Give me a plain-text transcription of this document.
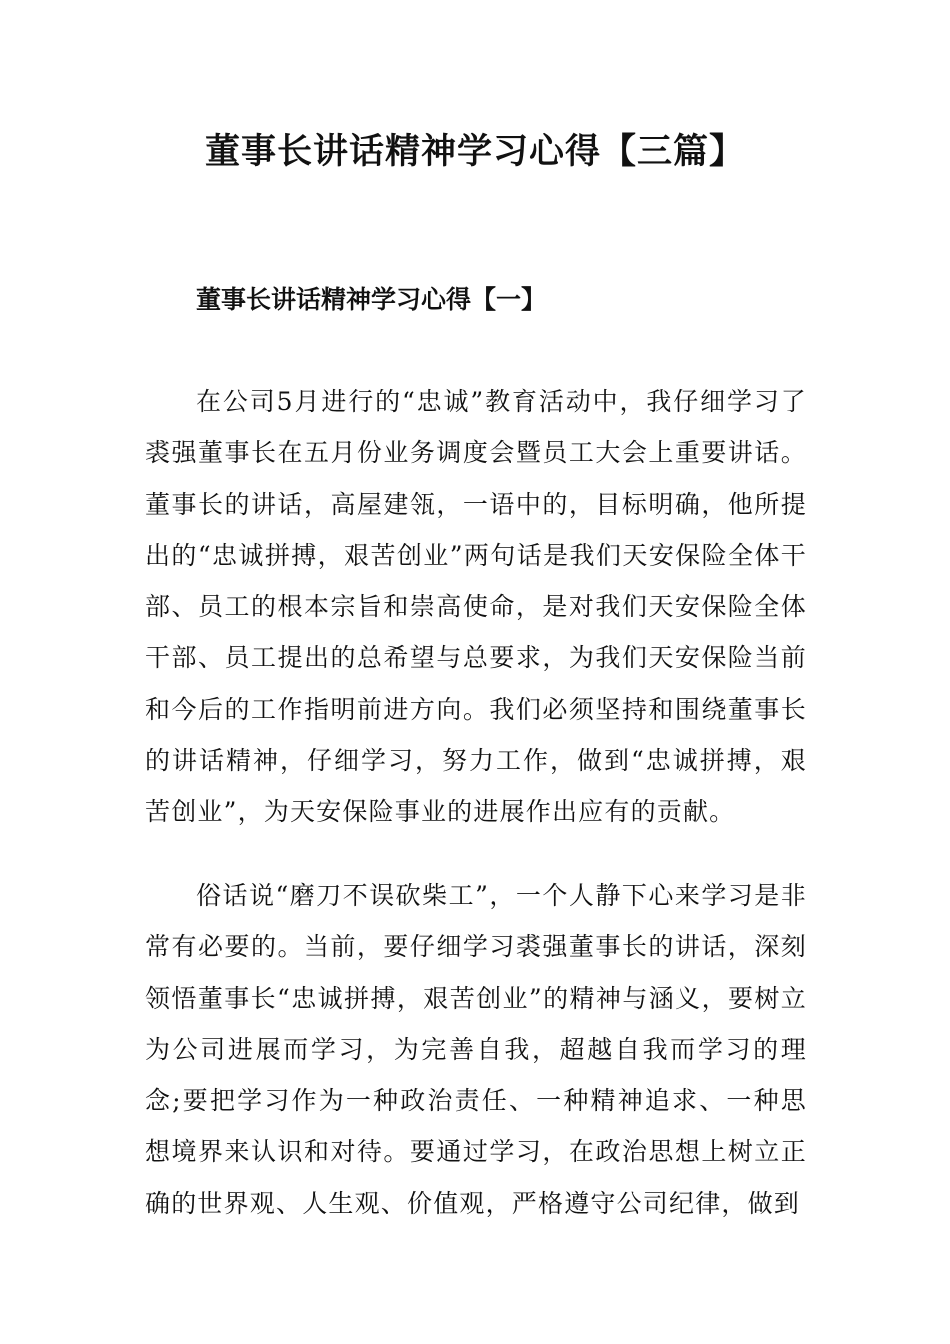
董事长讲话精神学习心得【三篇】
董事长讲话精神学习心得【一】

在公司5月进行的“忠诚”教育活动中，我仔细学习了裘强董事长在五月份业务调度会暨员工大会上重要讲话。董事长的讲话，高屋建瓴，一语中的，目标明确，他所提出的“忠诚拼搏，艰苦创业”两句话是我们天安保险全体干部、员工的根本宗旨和崇高使命，是对我们天安保险全体干部、员工提出的总希望与总要求，为我们天安保险当前和今后的工作指明前进方向。我们必须坚持和围绕董事长的讲话精神，仔细学习，努力工作，做到“忠诚拼搏，艰苦创业”，为天安保险事业的进展作出应有的贡献。

俗话说“磨刀不误砍柴工”，一个人静下心来学习是非常有必要的。当前，要仔细学习裘强董事长的讲话，深刻领悟董事长“忠诚拼搏，艰苦创业”的精神与涵义，要树立为公司进展而学习，为完善自我，超越自我而学习的理念;要把学习作为一种政治责任、一种精神追求、一种思想境界来认识和对待。要通过学习，在政治思想上树立正确的世界观、人生观、价值观，严格遵守公司纪律，做到
